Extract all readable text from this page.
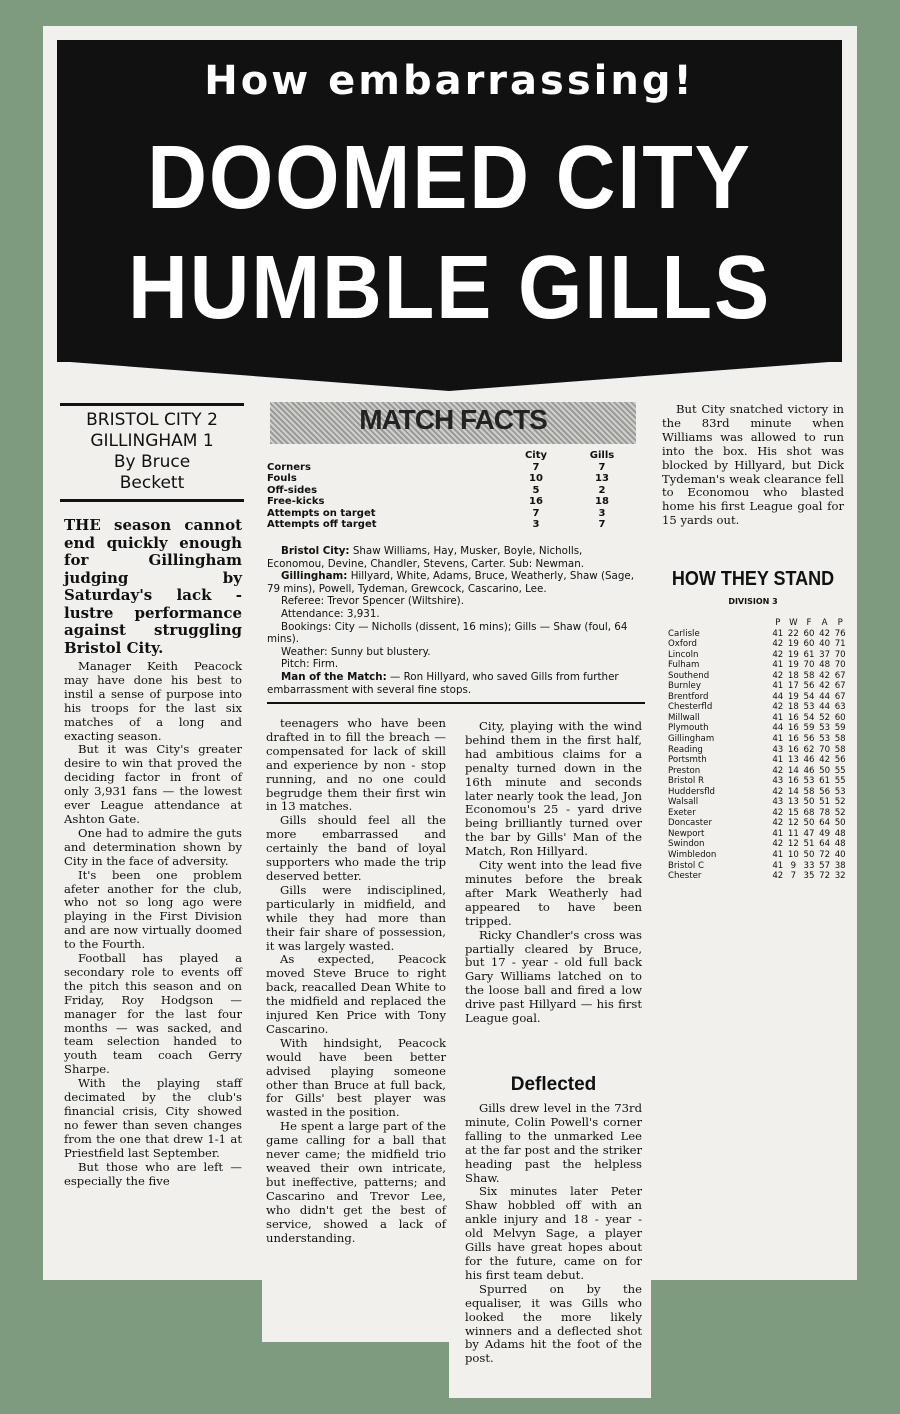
How embarrassing!
DOOMED CITY
HUMBLE GILLS
BRISTOL CITY 2
GILLINGHAM 1
By Bruce
Beckett
THE season cannot end quickly enough for Gillingham judging by Saturday's lack - lustre performance against struggling Bristol City.

Manager Keith Peacock may have done his best to instil a sense of purpose into his troops for the last six matches of a long and exacting season.

But it was City's greater desire to win that proved the deciding factor in front of only 3,931 fans — the lowest ever League attendance at Ashton Gate.

One had to admire the guts and determination shown by City in the face of adversity.

It's been one problem afeter another for the club, who not so long ago were playing in the First Division and are now virtually doomed to the Fourth.

Football has played a secondary role to events off the pitch this season and on Friday, Roy Hodgson — manager for the last four months — was sacked, and team selection handed to youth team coach Gerry Sharpe.

With the playing staff decimated by the club's financial crisis, City showed no fewer than seven changes from the one that drew 1-1 at Priestfield last September.

But those who are left — especially the five

teenagers who have been drafted in to fill the breach — compensated for lack of skill and experience by non - stop running, and no one could begrudge them their first win in 13 matches.

Gills should feel all the more embarrassed and certainly the band of loyal supporters who made the trip deserved better.

Gills were indisciplined, particularly in midfield, and while they had more than their fair share of possession, it was largely wasted.

As expected, Peacock moved Steve Bruce to right back, reacalled Dean White to the midfield and replaced the injured Ken Price with Tony Cascarino.

With hindsight, Peacock would have been better advised playing someone other than Bruce at full back, for Gills' best player was wasted in the position.

He spent a large part of the game calling for a ball that never came; the midfield trio weaved their own intricate, but ineffective, patterns; and Cascarino and Trevor Lee, who didn't get the best of service, showed a lack of understanding.

City, playing with the wind behind them in the first half, had ambitious claims for a penalty turned down in the 16th minute and seconds later nearly took the lead, Jon Economou's 25 - yard drive being brilliantly turned over the bar by Gills' Man of the Match, Ron Hillyard.

City went into the lead five minutes before the break after Mark Weatherly had appeared to have been tripped.

Ricky Chandler's cross was partially cleared by Bruce, but 17 - year - old full back Gary Williams latched on to the loose ball and fired a low drive past Hillyard — his first League goal.

Deflected

Gills drew level in the 73rd minute, Colin Powell's corner falling to the unmarked Lee at the far post and the striker heading past the helpless Shaw.

Six minutes later Peter Shaw hobbled off with an ankle injury and 18 - year - old Melvyn Sage, a player Gills have great hopes about for the future, came on for his first team debut.

Spurred on by the equaliser, it was Gills who looked the more likely winners and a deflected shot by Adams hit the foot of the post.

But City snatched victory in the 83rd minute when Williams was allowed to run into the box. His shot was blocked by Hillyard, but Dick Tydeman's weak clearance fell to Economou who blasted home his first League goal for 15 yards out.

MATCH FACTS
City	Gills
Corners	7	7
Fouls	10	13
Off-sides	5	2
Free-kicks	16	18
Attempts on target	7	3
Attempts off target	3	7
Bristol City: Shaw Williams, Hay, Musker, Boyle, Nicholls, Economou, Devine, Chandler, Stevens, Carter. Sub: Newman.
Gillingham: Hillyard, White, Adams, Bruce, Weatherly, Shaw (Sage, 79 mins), Powell, Tydeman, Grewcock, Cascarino, Lee.
Referee: Trevor Spencer (Wiltshire).
Attendance: 3,931.
Bookings: City — Nicholls (dissent, 16 mins); Gills — Shaw (foul, 64 mins).
Weather: Sunny but blustery.
Pitch: Firm.
Man of the Match: — Ron Hillyard, who saved Gills from further embarrassment with several fine stops.
HOW THEY STAND
DIVISION 3
P	W	F	A	P
Carlisle	41 22 60 42 76
Oxford	42 19 60 40 71
Lincoln	42 19 61 37 70
Fulham	41 19 70 48 70
Southend	42 18 58 42 67
Burnley	41 17 56 42 67
Brentford	44 19 54 44 67
Chesterfld	42 18 53 44 63
Millwall	41 16 54 52 60
Plymouth	44 16 59 53 59
Gillingham	41 16 56 53 58
Reading	43 16 62 70 58
Portsmth	41 13 46 42 56
Preston	42 14 46 50 55
Bristol R	43 16 53 61 55
Huddersfld	42 14 58 56 53
Walsall	43 13 50 51 52
Exeter	42 15 68 78 52
Doncaster	42 12 50 64 50
Newport	41 11 47 49 48
Swindon	42 12 51 64 48
Wimbledon	41 10 50 72 40
Bristol C	41 9 33 57 38
Chester	42 7 35 72 32
